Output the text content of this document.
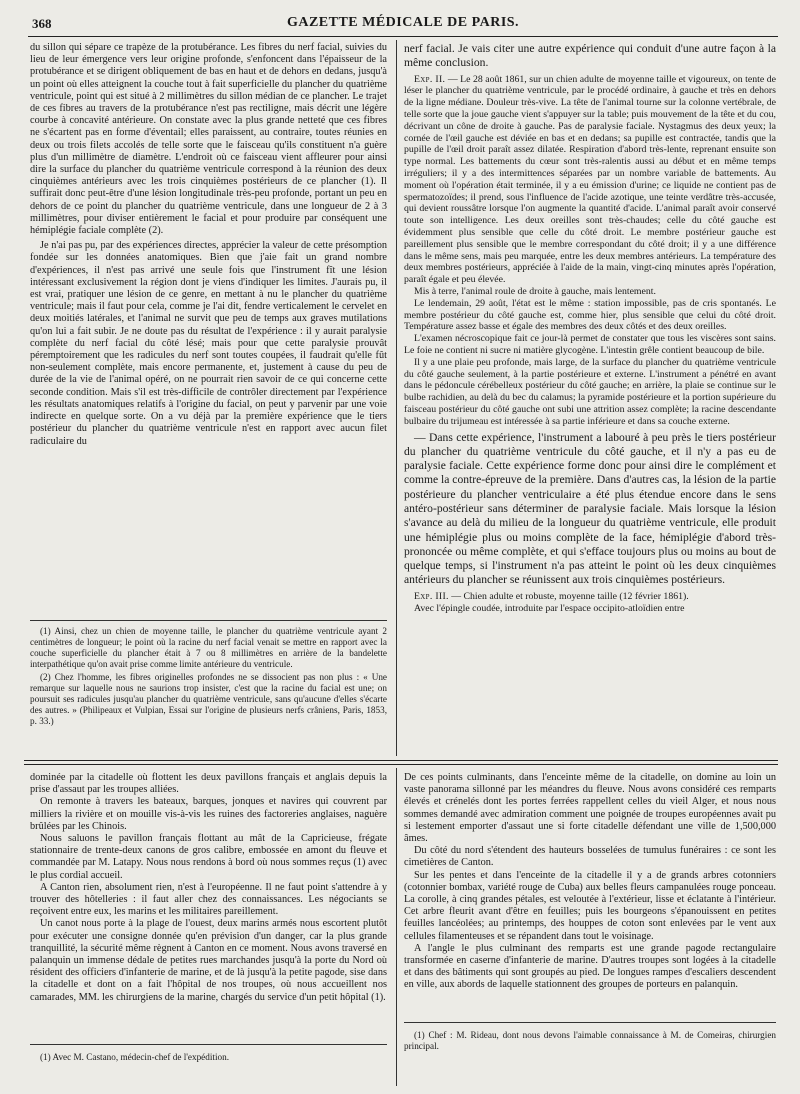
368	GAZETTE MÉDICALE DE PARIS.

du sillon qui sépare ce trapèze de la protubérance. Les fibres du nerf facial, suivies du lieu de leur émergence vers leur origine profonde, s'enfoncent dans l'épaisseur de la protubérance et se dirigent obliquement de bas en haut et de dehors en dedans, jusqu'à un point où elles atteignent la couche tout à fait superficielle du plancher du quatrième ventricule, point qui est situé à 2 millimètres du sillon médian de ce plancher. Le trajet de ces fibres au travers de la protubérance n'est pas rectiligne, mais décrit une légère courbe à concavité antérieure. On constate avec la plus grande netteté que ces fibres ne s'écartent pas en forme d'éventail; elles paraissent, au contraire, toutes réunies en deux ou trois filets accolés de telle sorte que le faisceau qu'ils constituent n'a guère plus d'un millimètre de diamètre. L'endroit où ce faisceau vient affleurer pour ainsi dire la surface du plancher du quatrième ventricule correspond à la réunion des deux cinquièmes antérieurs avec les trois cinquièmes postérieurs de ce plancher (1). Il suffirait donc peut-être d'une lésion longitudinale très-peu profonde, portant un peu en dehors de ce point du plancher du quatrième ventricule, dans une longueur de 2 à 3 millimètres, pour diviser entièrement le facial et pour produire par conséquent une hémiplégie faciale complète (2).

Je n'ai pas pu, par des expériences directes, apprécier la valeur de cette présomption fondée sur les données anatomiques. Bien que j'aie fait un grand nombre d'expériences, il n'est pas arrivé une seule fois que l'instrument fît une lésion intéressant exclusivement la région dont je viens d'indiquer les limites. J'aurais pu, il est vrai, pratiquer une lésion de ce genre, en mettant à nu le plancher du quatrième ventricule; mais il faut pour cela, comme je l'ai dit, fendre verticalement le cervelet en deux moitiés latérales, et l'animal ne survit que peu de temps aux graves mutilations qu'on lui a fait subir. Je ne doute pas du résultat de l'expérience : il y aurait paralysie complète du nerf facial du côté lésé; mais pour que cette paralysie prouvât péremptoirement que les radicules du nerf sont toutes coupées, il faudrait qu'elle fût non-seulement complète, mais encore permanente, et, justement à cause du peu de durée de la vie de l'animal opéré, on ne pourrait rien savoir de ce qui concerne cette seconde condition. Mais s'il est très-difficile de contrôler directement par l'expérience les résultats anatomiques relatifs à l'origine du facial, on peut y parvenir par une voie indirecte en quelque sorte. On a vu déjà par la première expérience que le tiers postérieur du plancher du quatrième ventricule n'est en rapport avec aucun filet radiculaire du

(1) Ainsi, chez un chien de moyenne taille, le plancher du quatrième ventricule ayant 2 centimètres de longueur; le point où la racine du nerf facial venait se mettre en rapport avec la couche superficielle du plancher était à 7 ou 8 millimètres en arrière de la bandelette interpathétique qu'on avait prise comme limite antérieure du ventricule.

(2) Chez l'homme, les fibres originelles profondes ne se dissocient pas non plus : « Une remarque sur laquelle nous ne saurions trop insister, c'est que la racine du facial est une; on poursuit ses radicules jusqu'au plancher du quatrième ventricule, sans qu'aucune d'elles s'écarte des autres. » (Philipeaux et Vulpian, Essai sur l'origine de plusieurs nerfs crâniens, Paris, 1853, p. 33.)

nerf facial. Je vais citer une autre expérience qui conduit d'une autre façon à la même conclusion.

Exp. II. — Le 28 août 1861, sur un chien adulte de moyenne taille et vigoureux, on tente de léser le plancher du quatrième ventricule, par le procédé ordinaire, à gauche et très en dehors de la ligne médiane. Douleur très-vive. La tête de l'animal tourne sur la colonne vertébrale, de telle sorte que la joue gauche vient s'appuyer sur la table; puis mouvement de la tête et du cou, décrivant un cône de droite à gauche. Pas de paralysie faciale. Nystagmus des deux yeux; la cornée de l'œil gauche est déviée en bas et en dedans; sa pupille est contractée, tandis que la pupille de l'œil droit paraît assez dilatée. Respiration d'abord très-lente, reprenant ensuite son type normal. Les battements du cœur sont très-ralentis aussi au début et en même temps irréguliers; il y a des intermittences séparées par un nombre variable de battements. Au moment où l'opération était terminée, il y a eu émission d'urine; ce liquide ne contient pas de spermatozoïdes; il prend, sous l'influence de l'acide azotique, une teinte verdâtre très-accusée, qui devient roussâtre lorsque l'on augmente la quantité d'acide. L'animal paraît avoir conservé toute son intelligence. Les deux oreilles sont très-chaudes; celle du côté gauche est évidemment plus sensible que celle du côté droit. Le membre postérieur gauche est pareillement plus sensible que le membre correspondant du côté droit; il y a une différence dans le même sens, mais peu marquée, entre les deux membres antérieurs. La température des deux membres postérieurs, appréciée à l'aide de la main, vingt-cinq minutes après l'opération, paraît égale et peu élevée.

Mis à terre, l'animal roule de droite à gauche, mais lentement.

Le lendemain, 29 août, l'état est le même : station impossible, pas de cris spontanés. Le membre postérieur du côté gauche est, comme hier, plus sensible que celui du côté droit. Température assez basse et égale des membres des deux côtés et des deux oreilles.

L'examen nécroscopique fait ce jour-là permet de constater que tous les viscères sont sains. Le foie ne contient ni sucre ni matière glycogène. L'intestin grêle contient beaucoup de bile.

Il y a une plaie peu profonde, mais large, de la surface du plancher du quatrième ventricule du côté gauche seulement, à la partie postérieure et externe. L'instrument a pénétré en avant dans le pédoncule cérébelleux postérieur du côté gauche; en arrière, la plaie se continue sur le bulbe rachidien, au delà du bec du calamus; la pyramide postérieure et la portion supérieure du faisceau postérieur du côté gauche ont subi une attrition assez complète; la racine descendante bulbaire du trijumeau est intéressée à sa partie inférieure et dans sa couche externe.

— Dans cette expérience, l'instrument a labouré à peu près le tiers postérieur du plancher du quatrième ventricule du côté gauche, et il n'y a pas eu de paralysie faciale. Cette expérience forme donc pour ainsi dire le complément et comme la contre-épreuve de la première. Dans d'autres cas, la lésion de la partie postérieure du plancher ventriculaire a été plus étendue encore dans le sens antéro-postérieur sans déterminer de paralysie faciale. Mais lorsque la lésion s'avance au delà du milieu de la longueur du quatrième ventricule, elle produit une hémiplégie plus ou moins complète de la face, hémiplégie d'abord très-prononcée ou même complète, et qui s'efface toujours plus ou moins au bout de quelque temps, si l'instrument n'a pas atteint le point où les deux cinquièmes antérieurs du plancher se réunissent aux trois cinquièmes postérieurs.

Exp. III. — Chien adulte et robuste, moyenne taille (12 février 1861).

Avec l'épingle coudée, introduite par l'espace occipito-atloïdien entre

dominée par la citadelle où flottent les deux pavillons français et anglais depuis la prise d'assaut par les troupes alliées.

On remonte à travers les bateaux, barques, jonques et navires qui couvrent par milliers la rivière et on mouille vis-à-vis les ruines des factoreries anglaises, naguère brûlées par les Chinois.

Nous saluons le pavillon français flottant au mât de la Capricieuse, frégate stationnaire de trente-deux canons de gros calibre, embossée en amont du fleuve et commandée par M. Latapy. Nous nous rendons à bord où nous sommes reçus (1) avec le plus cordial accueil.

A Canton rien, absolument rien, n'est à l'européenne. Il ne faut point s'attendre à y trouver des hôtelleries : il faut aller chez des connaissances. Les négociants se reçoivent entre eux, les marins et les militaires pareillement.

Un canot nous porte à la plage de l'ouest, deux marins armés nous escortent plutôt pour exécuter une consigne donnée qu'en prévision d'un danger, car la plus grande tranquillité, la sécurité même règnent à Canton en ce moment. Nous avons traversé en palanquin un immense dédale de petites rues marchandes jusqu'à la porte du Nord où résident des officiers d'infanterie de marine, et de là jusqu'à la petite pagode, sise dans la citadelle et dont on a fait l'hôpital de nos troupes, où nous accueillent nos camarades, MM. les chirurgiens de la marine, chargés du service d'un petit hôpital (1).

(1) Avec M. Castano, médecin-chef de l'expédition.

De ces points culminants, dans l'enceinte même de la citadelle, on domine au loin un vaste panorama sillonné par les méandres du fleuve. Nous avons considéré ces remparts élevés et crénelés dont les portes ferrées rappellent celles du vieil Alger, et nous nous sommes demandé avec admiration comment une poignée de troupes européennes avait pu si lestement emporter d'assaut une si forte citadelle défendant une ville de 1,500,000 âmes.

Du côté du nord s'étendent des hauteurs bosselées de tumulus funéraires : ce sont les cimetières de Canton.

Sur les pentes et dans l'enceinte de la citadelle il y a de grands arbres cotonniers (cotonnier bombax, variété rouge de Cuba) aux belles fleurs campanulées rouge ponceau. La corolle, à cinq grandes pétales, est veloutée à l'extérieur, lisse et éclatante à l'intérieur. Cet arbre fleurit avant d'être en feuilles; puis les bourgeons s'épanouissent en petites feuilles lancéolées; au printemps, des houppes de coton sont enlevées par le vent aux cellules filamenteuses et se répandent dans tout le voisinage.

A l'angle le plus culminant des remparts est une grande pagode rectangulaire transformée en caserne d'infanterie de marine. D'autres troupes sont logées à la citadelle et dans des bâtiments qui sont groupés au pied. De longues rampes d'escaliers descendent en ville, aux abords de laquelle stationnent des groupes de porteurs en palanquin.

(1) Chef : M. Rideau, dont nous devons l'aimable connaissance à M. de Comeiras, chirurgien principal.
